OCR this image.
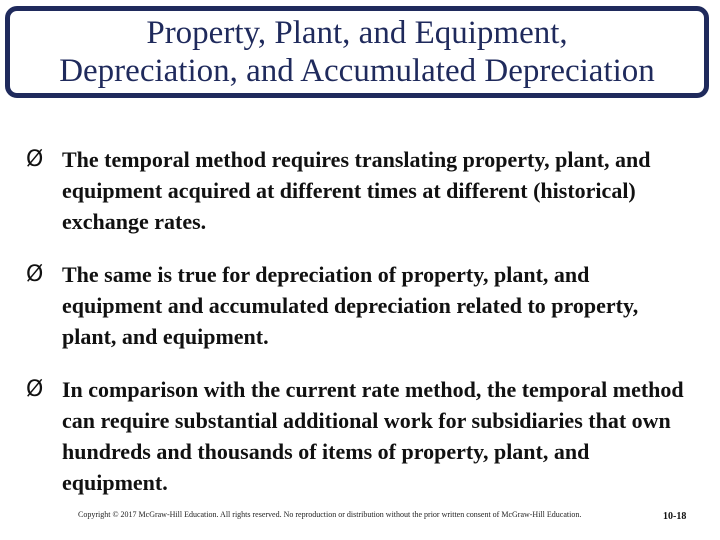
Property, Plant, and Equipment,
Depreciation, and Accumulated Depreciation
Ø The temporal method requires translating property, plant, and equipment acquired at different times at different (historical) exchange rates.
Ø The same is true for depreciation of property, plant, and equipment and accumulated depreciation related to property, plant, and equipment.
Ø In comparison with the current rate method, the temporal method can require substantial additional work for subsidiaries that own hundreds and thousands of items of property, plant, and equipment.
Copyright © 2017 McGraw-Hill Education. All rights reserved. No reproduction or distribution without the prior written consent of McGraw-Hill Education.	10-18
